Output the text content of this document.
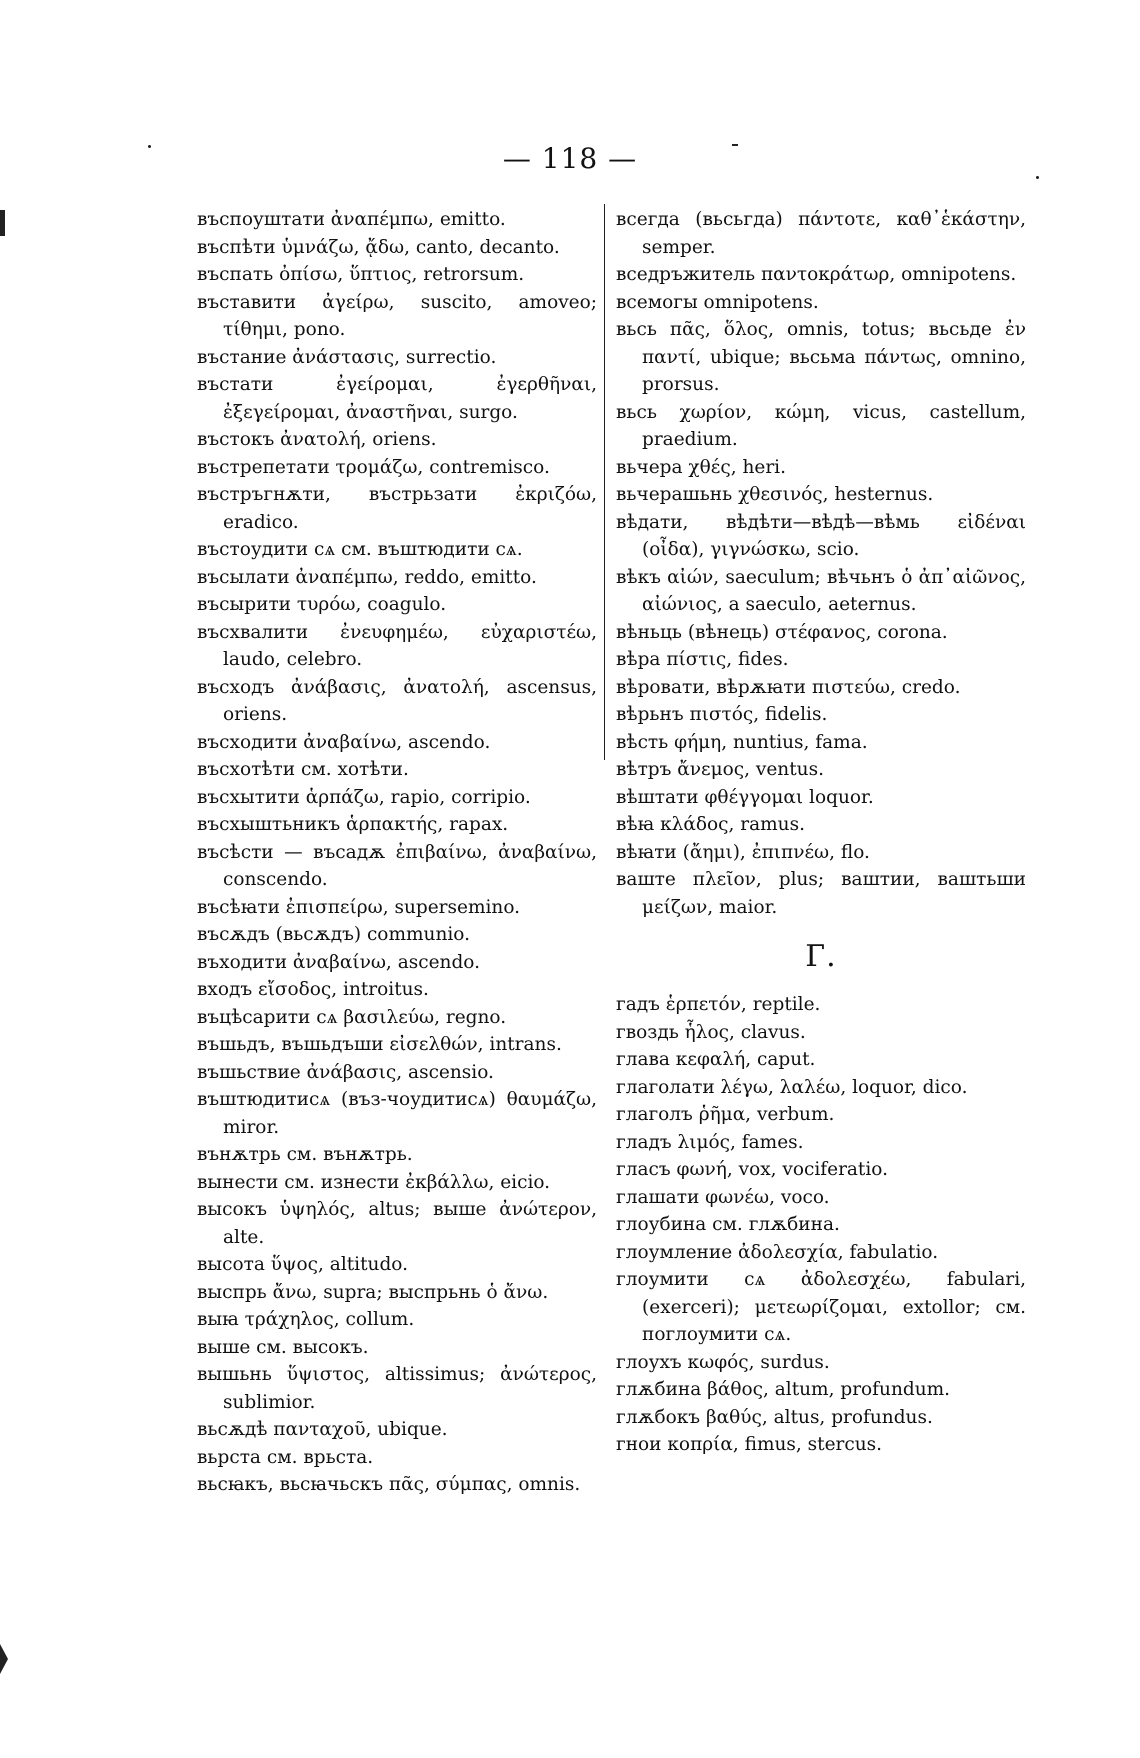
— 118 —

въспоуштати ἀναπέμπω, emitto.

въспѣти ὑμνάζω, ᾄδω, canto, decanto.

въспать ὀπίσω, ὕπτιος, retrorsum.

въставити ἀγείρω, suscito, amoveo; τίθημι, pono.

въстание ἀνάστασις, surrectio.

въстати ἐγείρομαι, ἐγερθῆναι, ἐξεγείρομαι, ἀναστῆναι, surgo.

въстокъ ἀνατολή, oriens.

въстрепетати τρομάζω, contremisco.

въстръгнѫти, въстрьзати ἐκριζόω, eradico.

въстоудити сѧ см. въштюдити сѧ.

въсылати ἀναπέμπω, reddo, emitto.

въсырити τυρόω, coagulo.

въсхвалити ἐνευφημέω, εὐχαριστέω, laudo, celebro.

въсходъ ἀνάβασις, ἀνατολή, ascensus, oriens.

въсходити ἀναβαίνω, ascendo.

въсхотѣти см. хотѣти.

въсхытити ἁρπάζω, rapio, corripio.

въсхыштьникъ ἁρπακτής, rapax.

въсѣсти — въсадѫ ἐπιβαίνω, ἀναβαίνω, conscendo.

въсѣꙗти ἐπισπείρω, supersemino.

въсѫдъ (вьсѫдъ) communio.

въходити ἀναβαίνω, ascendo.

входъ εἴσοδος, introitus.

въцѣсарити сѧ βασιλεύω, regno.

въшьдъ, въшьдъши εἰσελθών, intrans.

въшьствие ἀνάβασις, ascensio.

въштюдитисѧ (въз-чоудитисѧ) θαυμάζω, miror.

вънѫтрь см. вънѫтрь.

вынести см. изнести ἐκβάλλω, eicio.

высокъ ὑψηλός, altus; выше ἀνώτερον, alte.

высота ὕψος, altitudo.

выспрь ἄνω, supra; выспрьнь ὁ ἄνω.

выꙗ τράχηλος, collum.

выше см. высокъ.

вышьнь ὕψιστος, altissimus; ἀνώτερος, sublimior.

вьсѫдѣ πανταχοῦ, ubique.

вьрста см. врьста.

вьсꙗкъ, вьсꙗчьскъ πᾶς, σύμπας, omnis.

всегда (вьсьгда) πάντοτε, καθ᾽ἑκάστην, semper.

вседръжитель παντοκράτωρ, omnipotens.

всемогы omnipotens.

вьсь πᾶς, ὅλος, omnis, totus; вьсьде ἐν παντί, ubique; вьсьма πάντως, omnino, prorsus.

вьсь χωρίον, κώμη, vicus, castellum, praedium.

вьчера χθές, heri.

вьчерашьнь χθεσινός, hesternus.

вѣдати, вѣдѣти—вѣдѣ—вѣмь εἰδέναι (οἶδα), γιγνώσκω, scio.

вѣкъ αἰών, saeculum; вѣчьнъ ὁ ἀπ᾽αἰῶνος, αἰώνιος, a saeculo, aeternus.

вѣньць (вѣнець) στέφανος, corona.

вѣра πίστις, fides.

вѣровати, вѣрѫꙗти πιστεύω, credo.

вѣрьнъ πιστός, fidelis.

вѣсть φήμη, nuntius, fama.

вѣтръ ἄνεμος, ventus.

вѣштати φθέγγομαι loquor.

вѣꙗ κλάδος, ramus.

вѣꙗти (ἄημι), ἐπιπνέω, flo.

ваште πλεῖον, plus; ваштии, ваштьши μείζων, maior.

Г.

гадъ ἑρπετόν, reptile.

гвоздь ἧλος, clavus.

глава κεφαλή, caput.

глаголати λέγω, λαλέω, loquor, dico.

глаголъ ῥῆμα, verbum.

гладъ λιμός, fames.

гласъ φωνή, vox, vociferatio.

глашати φωνέω, voco.

глоубина см. глѫбина.

глоумлениe ἀδολεσχία, fabulatio.

глоумити сѧ ἀδολεσχέω, fabulari, (exerceri); μετεωρίζομαι, extollor; см. поглоумити сѧ.

глоухъ κωφός, surdus.

глѫбина βάθος, altum, profundum.

глѫбокъ βαθύς, altus, profundus.

гнои κοπρία, fimus, stercus.
